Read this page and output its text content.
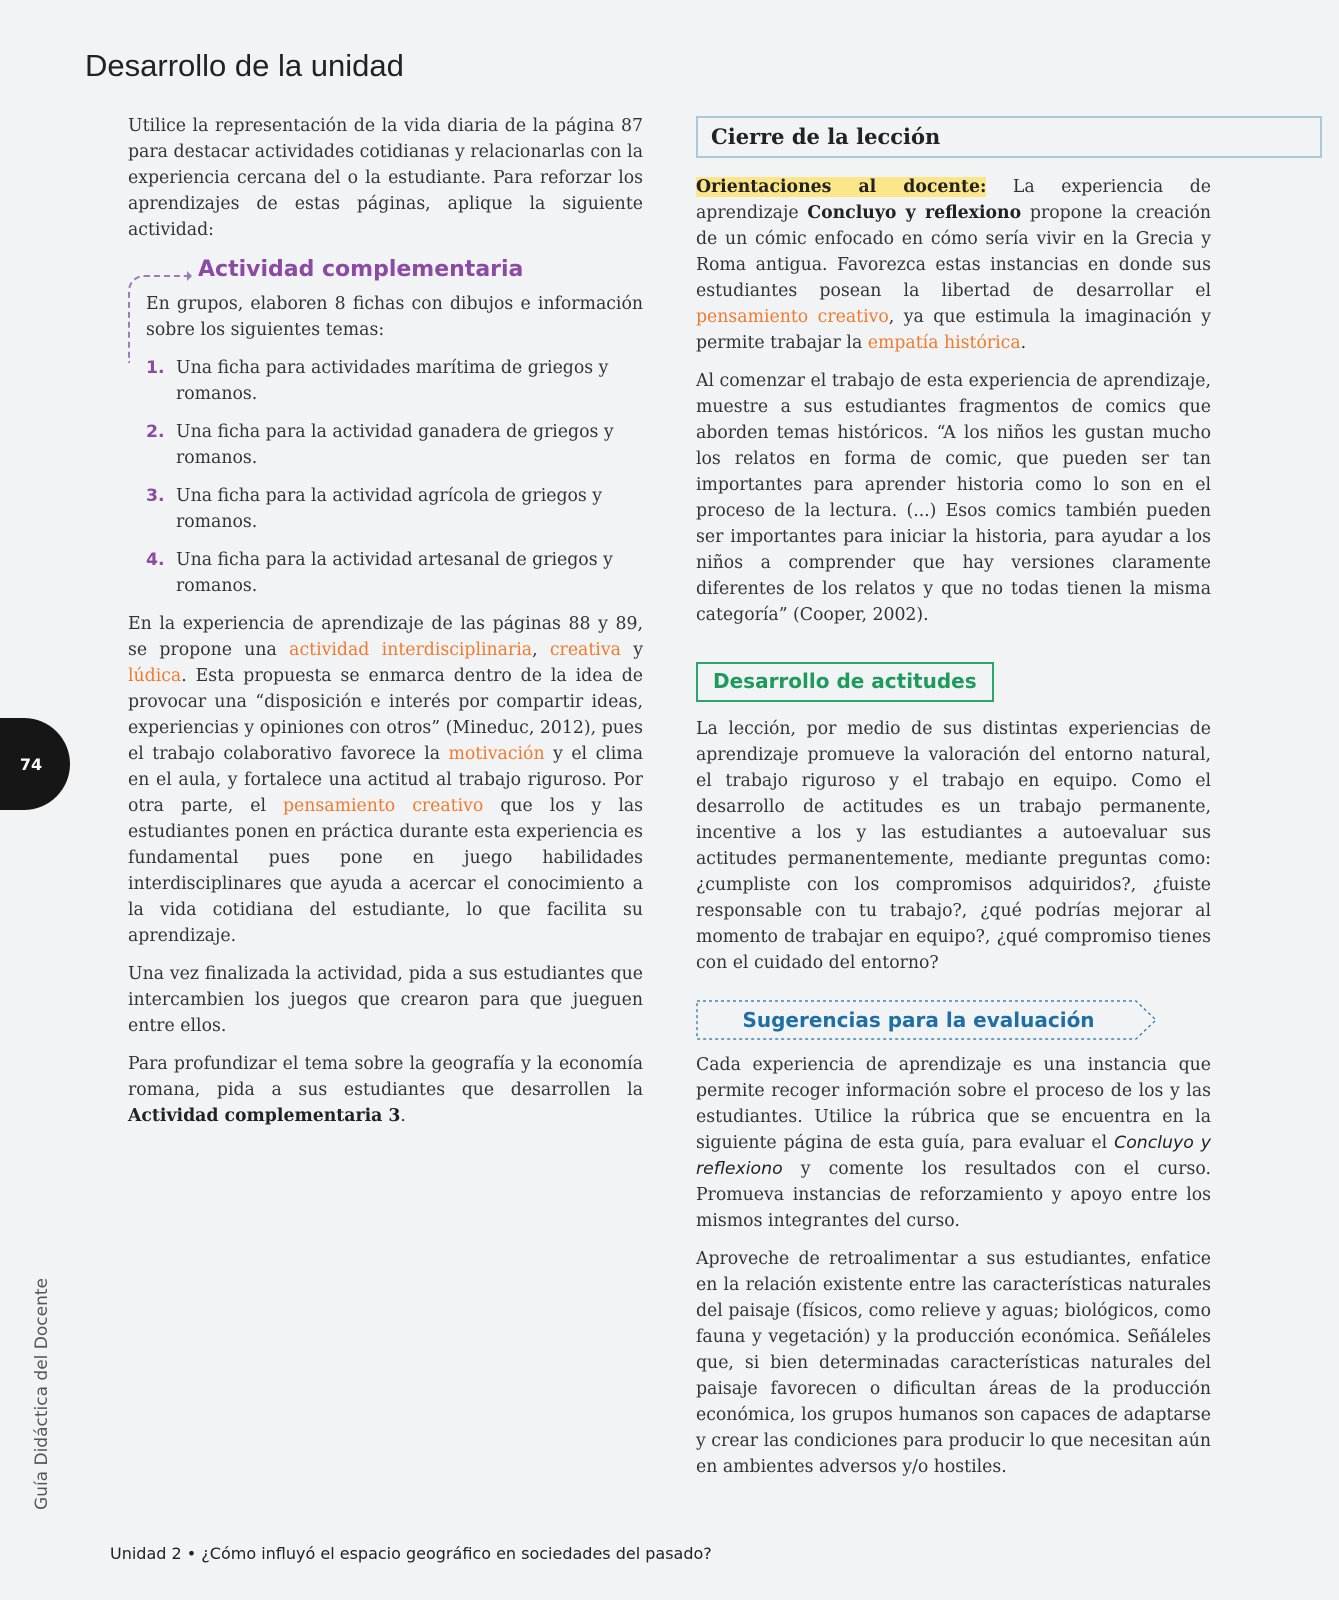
Desarrollo de la unidad

Utilice la representación de la vida diaria de la página 87 para destacar actividades cotidianas y relacionarlas con la experiencia cercana del o la estudiante. Para reforzar los aprendizajes de estas páginas, aplique la siguiente actividad:

Actividad complementaria

En grupos, elaboren 8 fichas con dibujos e información sobre los siguientes temas:

1. Una ficha para actividades marítima de griegos y romanos.
2. Una ficha para la actividad ganadera de griegos y romanos.
3. Una ficha para la actividad agrícola de griegos y romanos.
4. Una ficha para la actividad artesanal de griegos y romanos.

En la experiencia de aprendizaje de las páginas 88 y 89, se propone una actividad interdisciplinaria, creativa y lúdica. Esta propuesta se enmarca dentro de la idea de provocar una “disposición e interés por compartir ideas, experiencias y opiniones con otros” (Mineduc, 2012), pues el trabajo colaborativo favorece la motivación y el clima en el aula, y fortalece una actitud al trabajo riguroso. Por otra parte, el pensamiento creativo que los y las estudiantes ponen en práctica durante esta experiencia es fundamental pues pone en juego habilidades interdisciplinares que ayuda a acercar el conocimiento a la vida cotidiana del estudiante, lo que facilita su aprendizaje.

Una vez finalizada la actividad, pida a sus estudiantes que intercambien los juegos que crearon para que jueguen entre ellos.

Para profundizar el tema sobre la geografía y la economía romana, pida a sus estudiantes que desarrollen la Actividad complementaria 3.

Cierre de la lección

Orientaciones al docente: La experiencia de aprendizaje Concluyo y reflexiono propone la creación de un cómic enfocado en cómo sería vivir en la Grecia y Roma antigua. Favorezca estas instancias en donde sus estudiantes posean la libertad de desarrollar el pensamiento creativo, ya que estimula la imaginación y permite trabajar la empatía histórica.

Al comenzar el trabajo de esta experiencia de aprendizaje, muestre a sus estudiantes fragmentos de comics que aborden temas históricos. “A los niños les gustan mucho los relatos en forma de comic, que pueden ser tan importantes para aprender historia como lo son en el proceso de la lectura. (...) Esos comics también pueden ser importantes para iniciar la historia, para ayudar a los niños a comprender que hay versiones claramente diferentes de los relatos y que no todas tienen la misma categoría” (Cooper, 2002).

Desarrollo de actitudes

La lección, por medio de sus distintas experiencias de aprendizaje promueve la valoración del entorno natural, el trabajo riguroso y el trabajo en equipo. Como el desarrollo de actitudes es un trabajo permanente, incentive a los y las estudiantes a autoevaluar sus actitudes permanentemente, mediante preguntas como: ¿cumpliste con los compromisos adquiridos?, ¿fuiste responsable con tu trabajo?, ¿qué podrías mejorar al momento de trabajar en equipo?, ¿qué compromiso tienes con el cuidado del entorno?

Sugerencias para la evaluación

Cada experiencia de aprendizaje es una instancia que permite recoger información sobre el proceso de los y las estudiantes. Utilice la rúbrica que se encuentra en la siguiente página de esta guía, para evaluar el Concluyo y reflexiono y comente los resultados con el curso. Promueva instancias de reforzamiento y apoyo entre los mismos integrantes del curso.

Aproveche de retroalimentar a sus estudiantes, enfatice en la relación existente entre las características naturales del paisaje (físicos, como relieve y aguas; biológicos, como fauna y vegetación) y la producción económica. Señáleles que, si bien determinadas características naturales del paisaje favorecen o dificultan áreas de la producción económica, los grupos humanos son capaces de adaptarse y crear las condiciones para producir lo que necesitan aún en ambientes adversos y/o hostiles.

74
Guía Didáctica del Docente
Unidad 2 • ¿Cómo influyó el espacio geográfico en sociedades del pasado?
